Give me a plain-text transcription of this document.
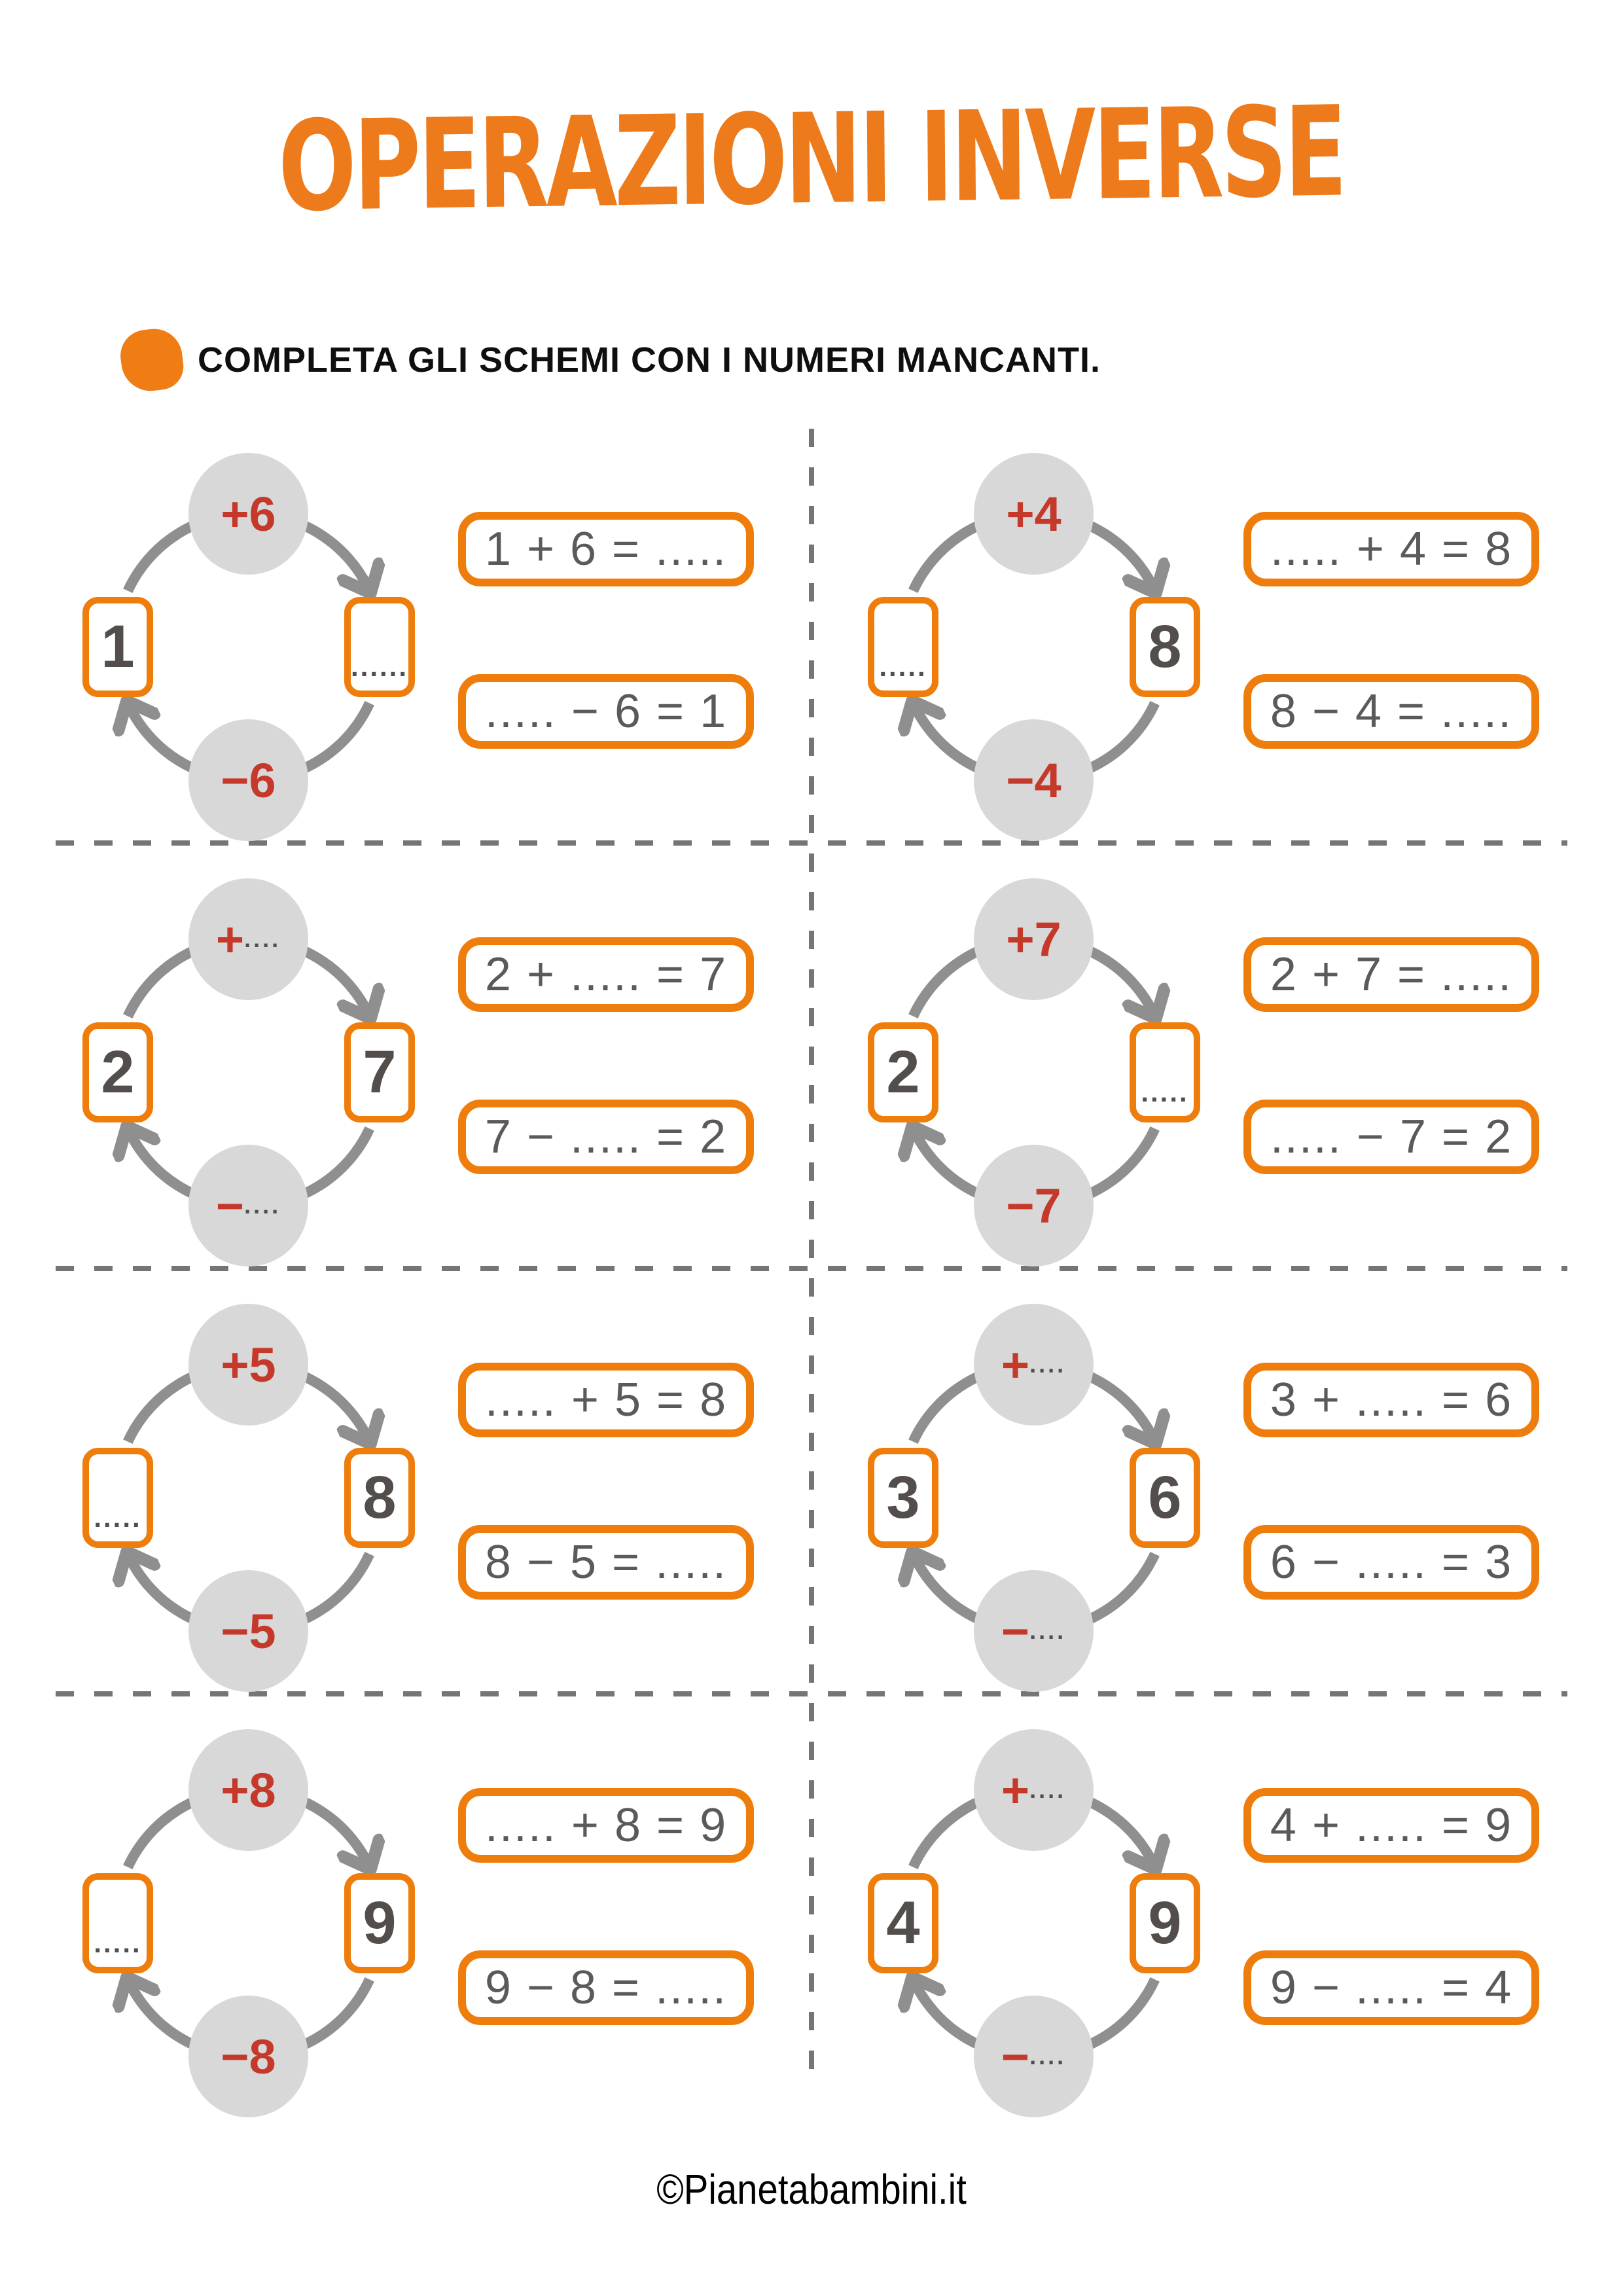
OPERAZIONI INVERSE
COMPLETA GLI SCHEMI CON I NUMERI MANCANTI.
+ 6
− 6
1	......
1 + 6 = .....
..... − 6 = 1
+ 4
− 4
.....	8
..... + 4 = 8
8 − 4 = .....
+ ....
− ....
2	7
2 + ..... = 7
7 − ..... = 2
+ 7
− 7
2	.....
2 + 7 = .....
..... − 7 = 2
+ 5
− 5
.....	8
..... + 5 = 8
8 − 5 = .....
+ ....
− ....
3	6
3 + ..... = 6
6 − ..... = 3
+ 8
− 8
.....	9
..... + 8 = 9
9 − 8 = .....
+ ....
− ....
4	9
4 + ..... = 9
9 − ..... = 4
©Pianetabambini.it
